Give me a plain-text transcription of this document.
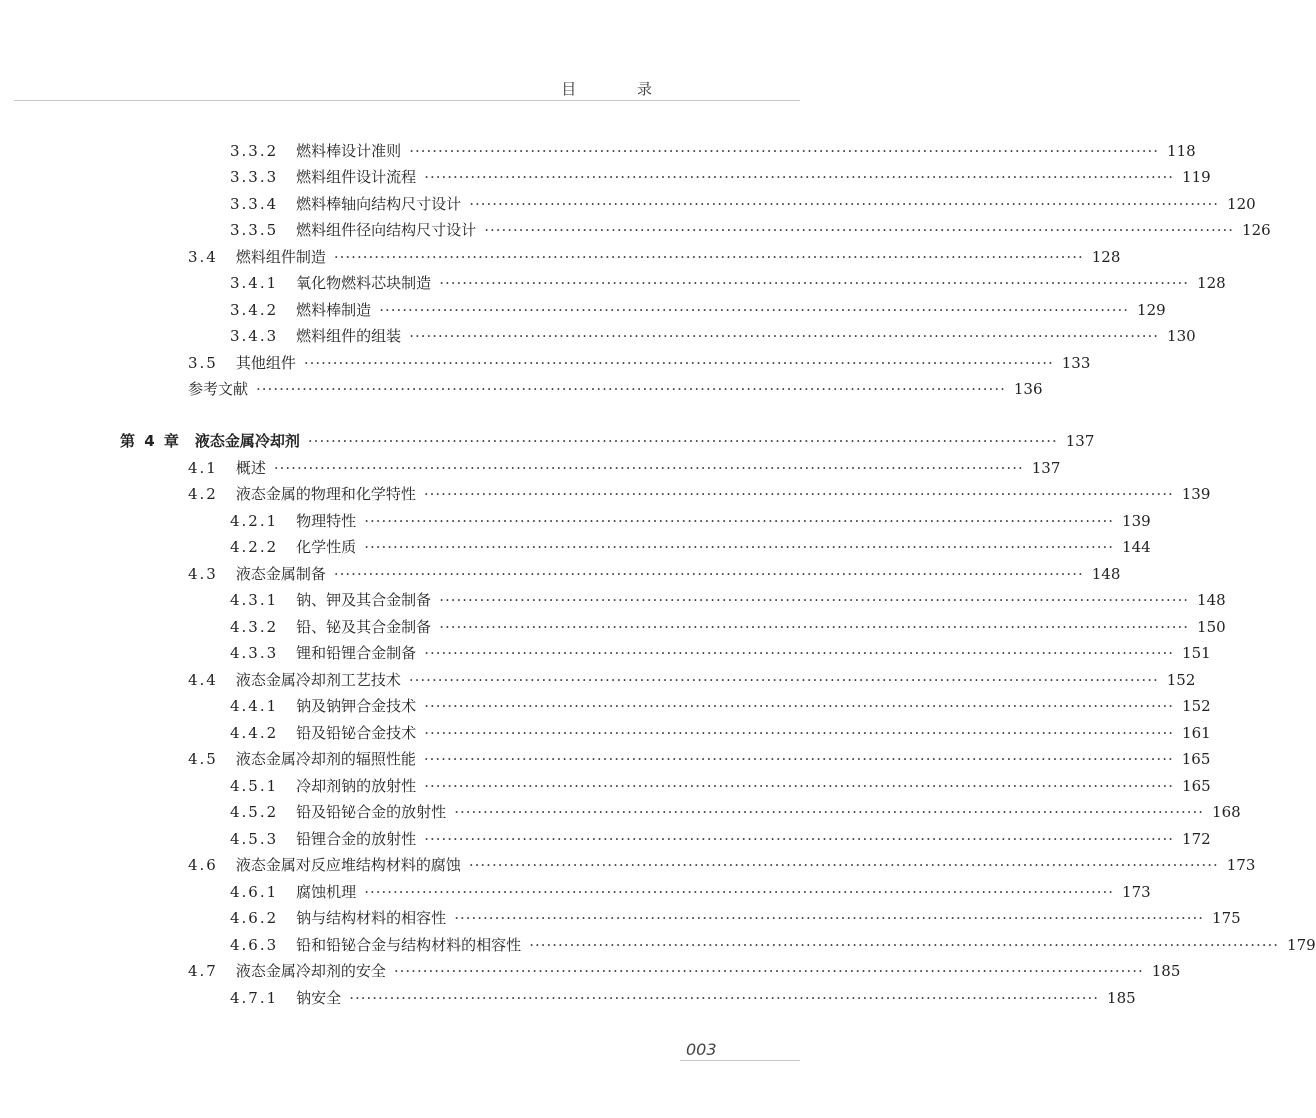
目 录
3.3.2 燃料棒设计准则 ·································································································································· 118
3.3.3 燃料组件设计流程 ·································································································································· 119
3.3.4 燃料棒轴向结构尺寸设计 ·································································································································· 120
3.3.5 燃料组件径向结构尺寸设计 ·································································································································· 126
3.4 燃料组件制造 ·································································································································· 128
3.4.1 氧化物燃料芯块制造 ·································································································································· 128
3.4.2 燃料棒制造 ·································································································································· 129
3.4.3 燃料组件的组装 ·································································································································· 130
3.5 其他组件 ·································································································································· 133
参考文献 ·································································································································· 136
第 4 章 液态金属冷却剂 ·································································································································· 137
4.1 概述 ·································································································································· 137
4.2 液态金属的物理和化学特性 ·································································································································· 139
4.2.1 物理特性 ·································································································································· 139
4.2.2 化学性质 ·································································································································· 144
4.3 液态金属制备 ·································································································································· 148
4.3.1 钠、钾及其合金制备 ·································································································································· 148
4.3.2 铅、铋及其合金制备 ·································································································································· 150
4.3.3 锂和铅锂合金制备 ·································································································································· 151
4.4 液态金属冷却剂工艺技术 ·································································································································· 152
4.4.1 钠及钠钾合金技术 ·································································································································· 152
4.4.2 铅及铅铋合金技术 ·································································································································· 161
4.5 液态金属冷却剂的辐照性能 ·································································································································· 165
4.5.1 冷却剂钠的放射性 ·································································································································· 165
4.5.2 铅及铅铋合金的放射性 ·································································································································· 168
4.5.3 铅锂合金的放射性 ·································································································································· 172
4.6 液态金属对反应堆结构材料的腐蚀 ·································································································································· 173
4.6.1 腐蚀机理 ·································································································································· 173
4.6.2 钠与结构材料的相容性 ·································································································································· 175
4.6.3 铅和铅铋合金与结构材料的相容性 ·································································································································· 179
4.7 液态金属冷却剂的安全 ·································································································································· 185
4.7.1 钠安全 ·································································································································· 185
003
